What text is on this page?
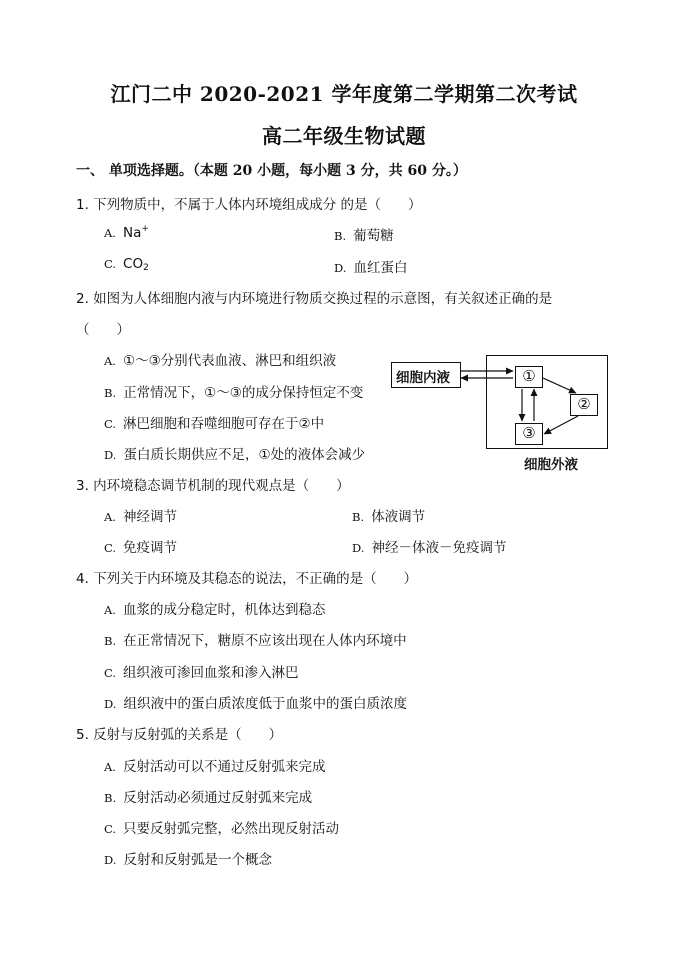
江门二中 2020-2021 学年度第二学期第二次考试
高二年级生物试题
一、 单项选择题。（本题 20 小题，每小题 3 分，共 60 分。）
1. 下列物质中，不属于人体内环境组成成分 的是（　　）
A. Na+	B. 葡萄糖
C. $CO_2$	D. 血红蛋白
2. 如图为人体细胞内液与内环境进行物质交换过程的示意图，有关叙述正确的是
（　　）
A. ①～③分别代表血液、淋巴和组织液
B. 正常情况下，①～③的成分保持恒定不变
C. 淋巴细胞和吞噬细胞可存在于②中
D. 蛋白质长期供应不足，①处的液体会减少
细胞内液	①
②
③
细胞外液
3. 内环境稳态调节机制的现代观点是（　　）
A. 神经调节	B. 体液调节
C. 免疫调节	D. 神经－体液－免疫调节
4. 下列关于内环境及其稳态的说法，不正确的是（　　）
A. 血浆的成分稳定时，机体达到稳态
B. 在正常情况下，糖原不应该出现在人体内环境中
C. 组织液可渗回血浆和渗入淋巴
D. 组织液中的蛋白质浓度低于血浆中的蛋白质浓度
5. 反射与反射弧的关系是（　　）
A. 反射活动可以不通过反射弧来完成
B. 反射活动必须通过反射弧来完成
C. 只要反射弧完整，必然出现反射活动
D. 反射和反射弧是一个概念
